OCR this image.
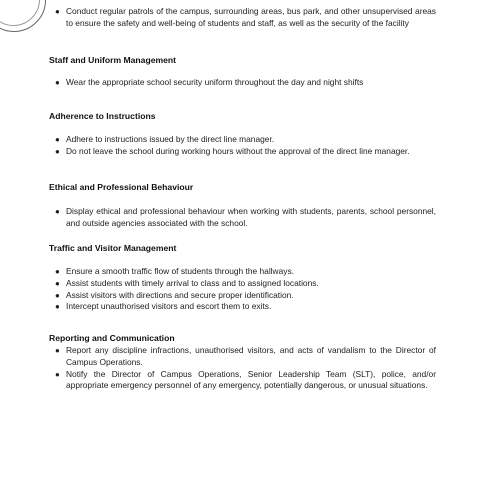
● Conduct regular patrols of the campus, surrounding areas, bus park, and other unsupervised areas to ensure the safety and well-being of students and staff, as well as the security of the facility

Staff and Uniform Management

● Wear the appropriate school security uniform throughout the day and night shifts

Adherence to Instructions

● Adhere to instructions issued by the direct line manager.
● Do not leave the school during working hours without the approval of the direct line manager.

Ethical and Professional Behaviour

● Display ethical and professional behaviour when working with students, parents, school personnel, and outside agencies associated with the school.

Traffic and Visitor Management

● Ensure a smooth traffic flow of students through the hallways.
● Assist students with timely arrival to class and to assigned locations.
● Assist visitors with directions and secure proper identification.
● Intercept unauthorised visitors and escort them to exits.

Reporting and Communication

● Report any discipline infractions, unauthorised visitors, and acts of vandalism to the Director of Campus Operations.
● Notify the Director of Campus Operations, Senior Leadership Team (SLT), police, and/or appropriate emergency personnel of any emergency, potentially dangerous, or unusual situations.
